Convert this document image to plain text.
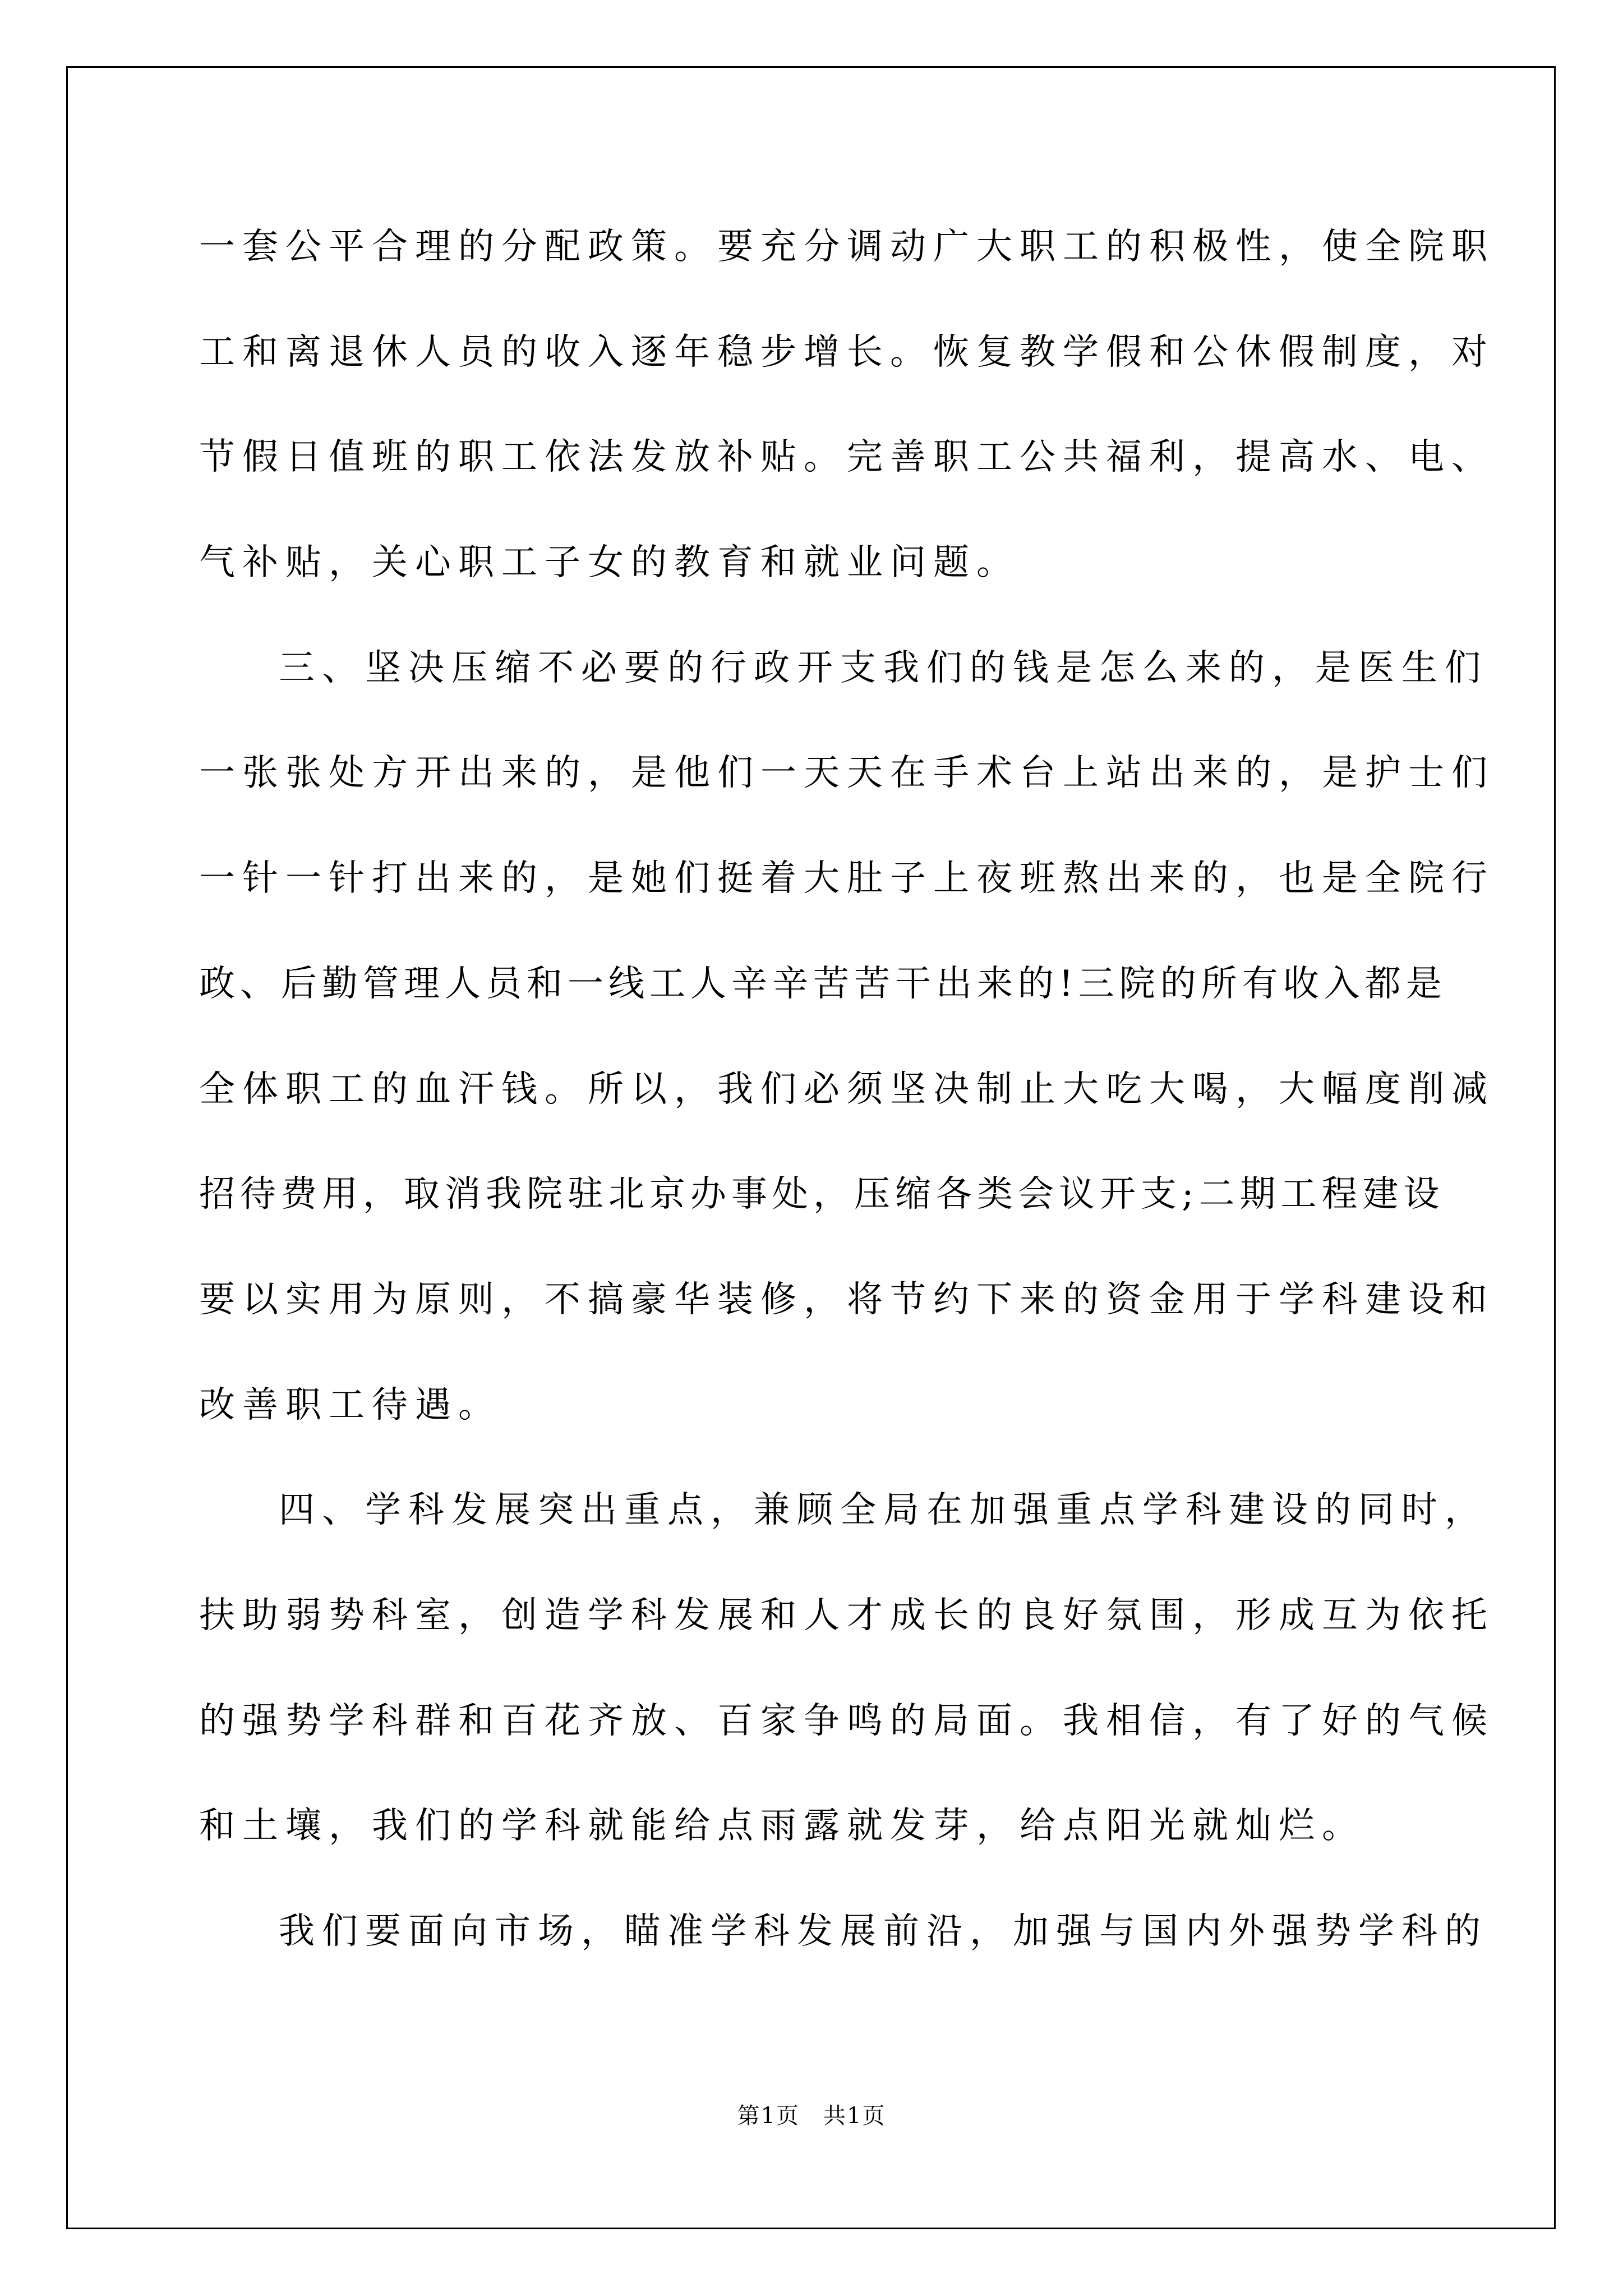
一套公平合理的分配政策。要充分调动广大职工的积极性，使全院职
工和离退休人员的收入逐年稳步增长。恢复教学假和公休假制度，对
节假日值班的职工依法发放补贴。完善职工公共福利，提高水、电、
气补贴，关心职工子女的教育和就业问题。
三、坚决压缩不必要的行政开支我们的钱是怎么来的，是医生们
一张张处方开出来的，是他们一天天在手术台上站出来的，是护士们
一针一针打出来的，是她们挺着大肚子上夜班熬出来的，也是全院行
政、后勤管理人员和一线工人辛辛苦苦干出来的!三院的所有收入都是
全体职工的血汗钱。所以，我们必须坚决制止大吃大喝，大幅度削减
招待费用，取消我院驻北京办事处，压缩各类会议开支;二期工程建设
要以实用为原则，不搞豪华装修，将节约下来的资金用于学科建设和
改善职工待遇。
四、学科发展突出重点，兼顾全局在加强重点学科建设的同时，
扶助弱势科室，创造学科发展和人才成长的良好氛围，形成互为依托
的强势学科群和百花齐放、百家争鸣的局面。我相信，有了好的气候
和土壤，我们的学科就能给点雨露就发芽，给点阳光就灿烂。
我们要面向市场，瞄准学科发展前沿，加强与国内外强势学科的
第1页　共1页
